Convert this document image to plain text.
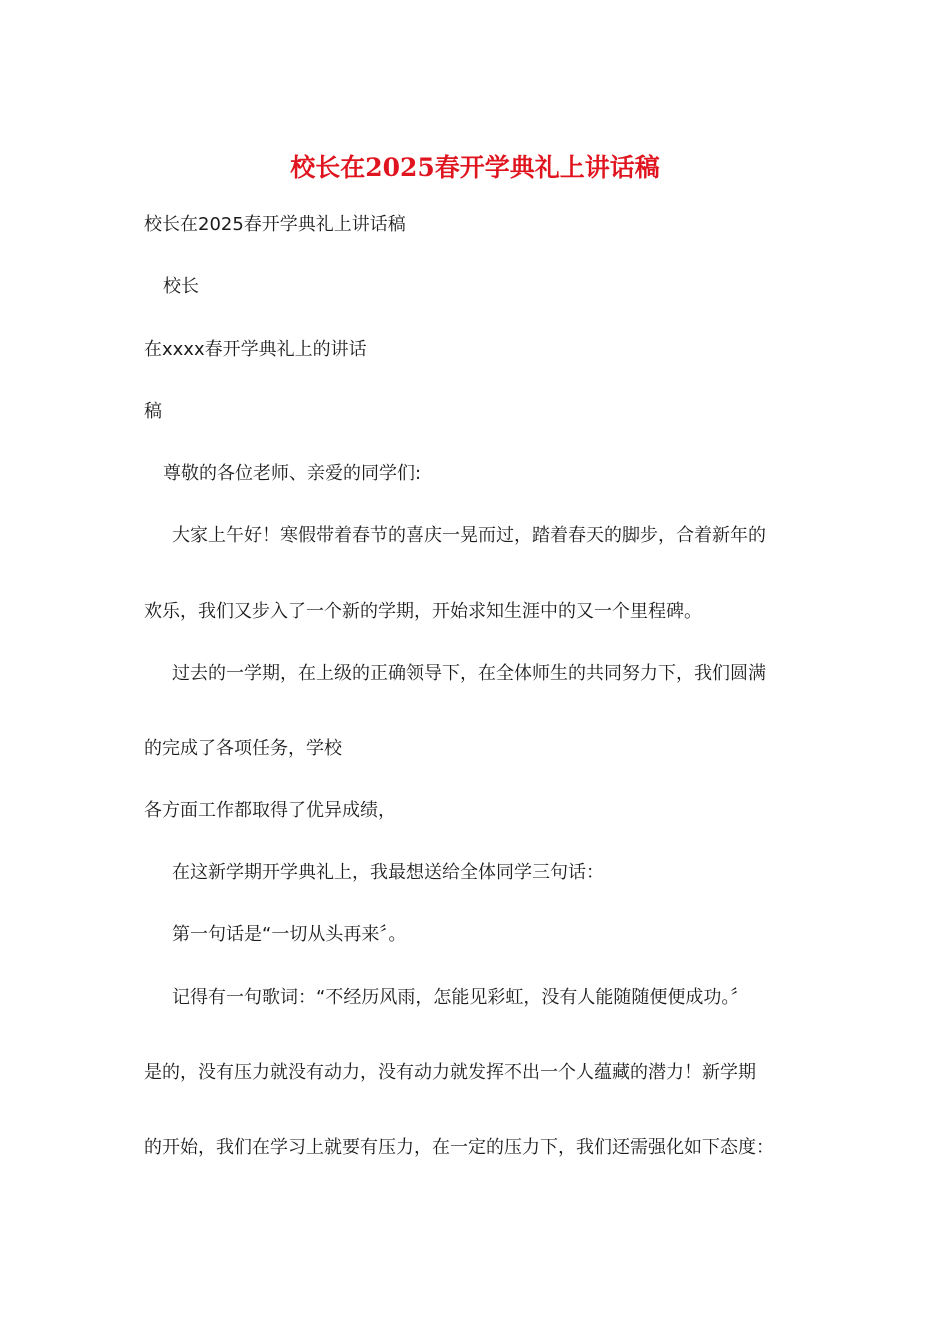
校长在2025春开学典礼上讲话稿
校长在2025春开学典礼上讲话稿
校长
在xxxx春开学典礼上的讲话
稿
尊敬的各位老师、亲爱的同学们:
大家上午好！寒假带着春节的喜庆一晃而过，踏着春天的脚步，合着新年的
欢乐，我们又步入了一个新的学期，开始求知生涯中的又一个里程碑。
过去的一学期，在上级的正确领导下，在全体师生的共同努力下，我们圆满
的完成了各项任务，学校
各方面工作都取得了优异成绩，
在这新学期开学典礼上，我最想送给全体同学三句话：
第一句话是“一切从头再来〞。
记得有一句歌词：“不经历风雨，怎能见彩虹，没有人能随随便便成功。〞
是的，没有压力就没有动力，没有动力就发挥不出一个人蕴藏的潜力！新学期
的开始，我们在学习上就要有压力，在一定的压力下，我们还需强化如下态度：
